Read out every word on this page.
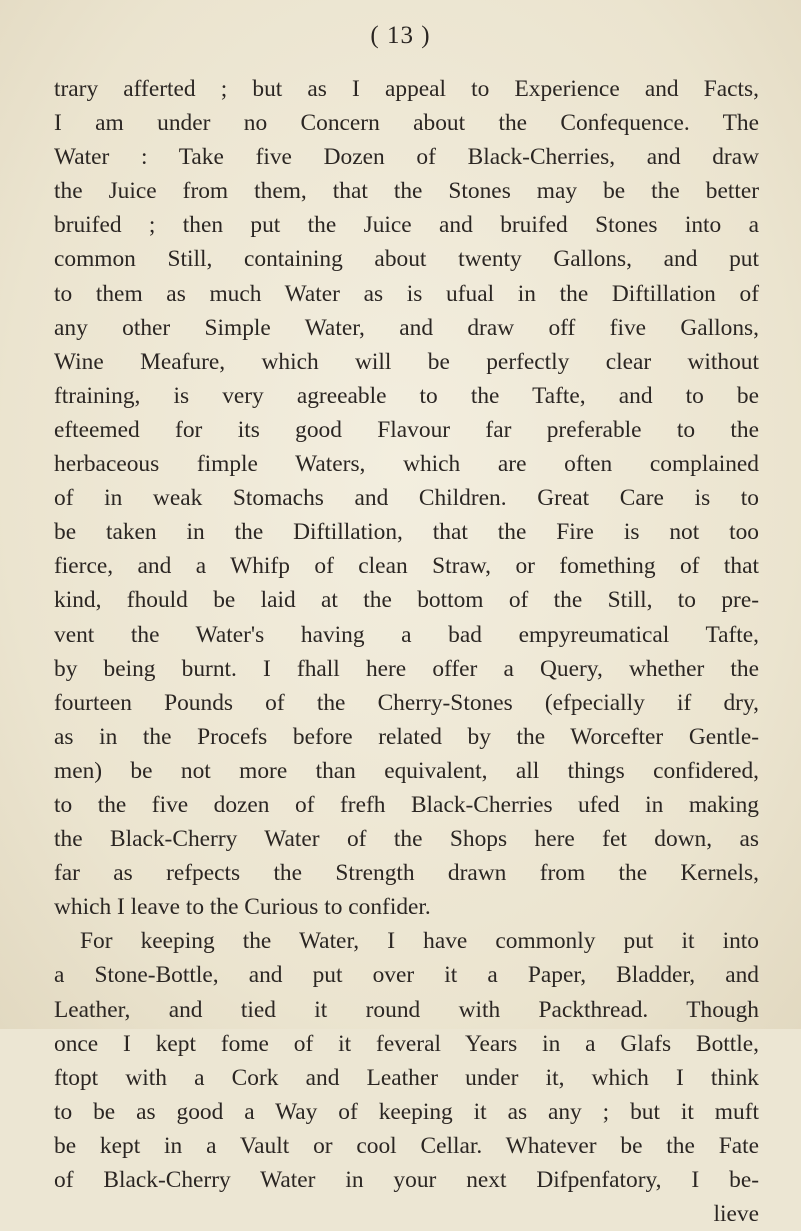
( 13 )
trary afferted ; but as I appeal to Experience and Facts,
I am under no Concern about the Confequence. The
Water : Take five Dozen of Black-Cherries, and draw
the Juice from them, that the Stones may be the better
bruifed ; then put the Juice and bruifed Stones into a
common Still, containing about twenty Gallons, and put
to them as much Water as is ufual in the Diftillation of
any other Simple Water, and draw off five Gallons,
Wine Meafure, which will be perfectly clear without
ftraining, is very agreeable to the Tafte, and to be
efteemed for its good Flavour far preferable to the
herbaceous fimple Waters, which are often complained
of in weak Stomachs and Children. Great Care is to
be taken in the Diftillation, that the Fire is not too
fierce, and a Whifp of clean Straw, or fomething of that
kind, fhould be laid at the bottom of the Still, to pre-
vent the Water's having a bad empyreumatical Tafte,
by being burnt. I fhall here offer a Query, whether the
fourteen Pounds of the Cherry-Stones (efpecially if dry,
as in the Procefs before related by the Worcefter Gentle-
men) be not more than equivalent, all things confidered,
to the five dozen of frefh Black-Cherries ufed in making
the Black-Cherry Water of the Shops here fet down, as
far as refpects the Strength drawn from the Kernels,
which I leave to the Curious to confider.
For keeping the Water, I have commonly put it into
a Stone-Bottle, and put over it a Paper, Bladder, and
Leather, and tied it round with Packthread. Though
once I kept fome of it feveral Years in a Glafs Bottle,
ftopt with a Cork and Leather under it, which I think
to be as good a Way of keeping it as any ; but it muft
be kept in a Vault or cool Cellar. Whatever be the Fate
of Black-Cherry Water in your next Difpenfatory, I be-
lieve
